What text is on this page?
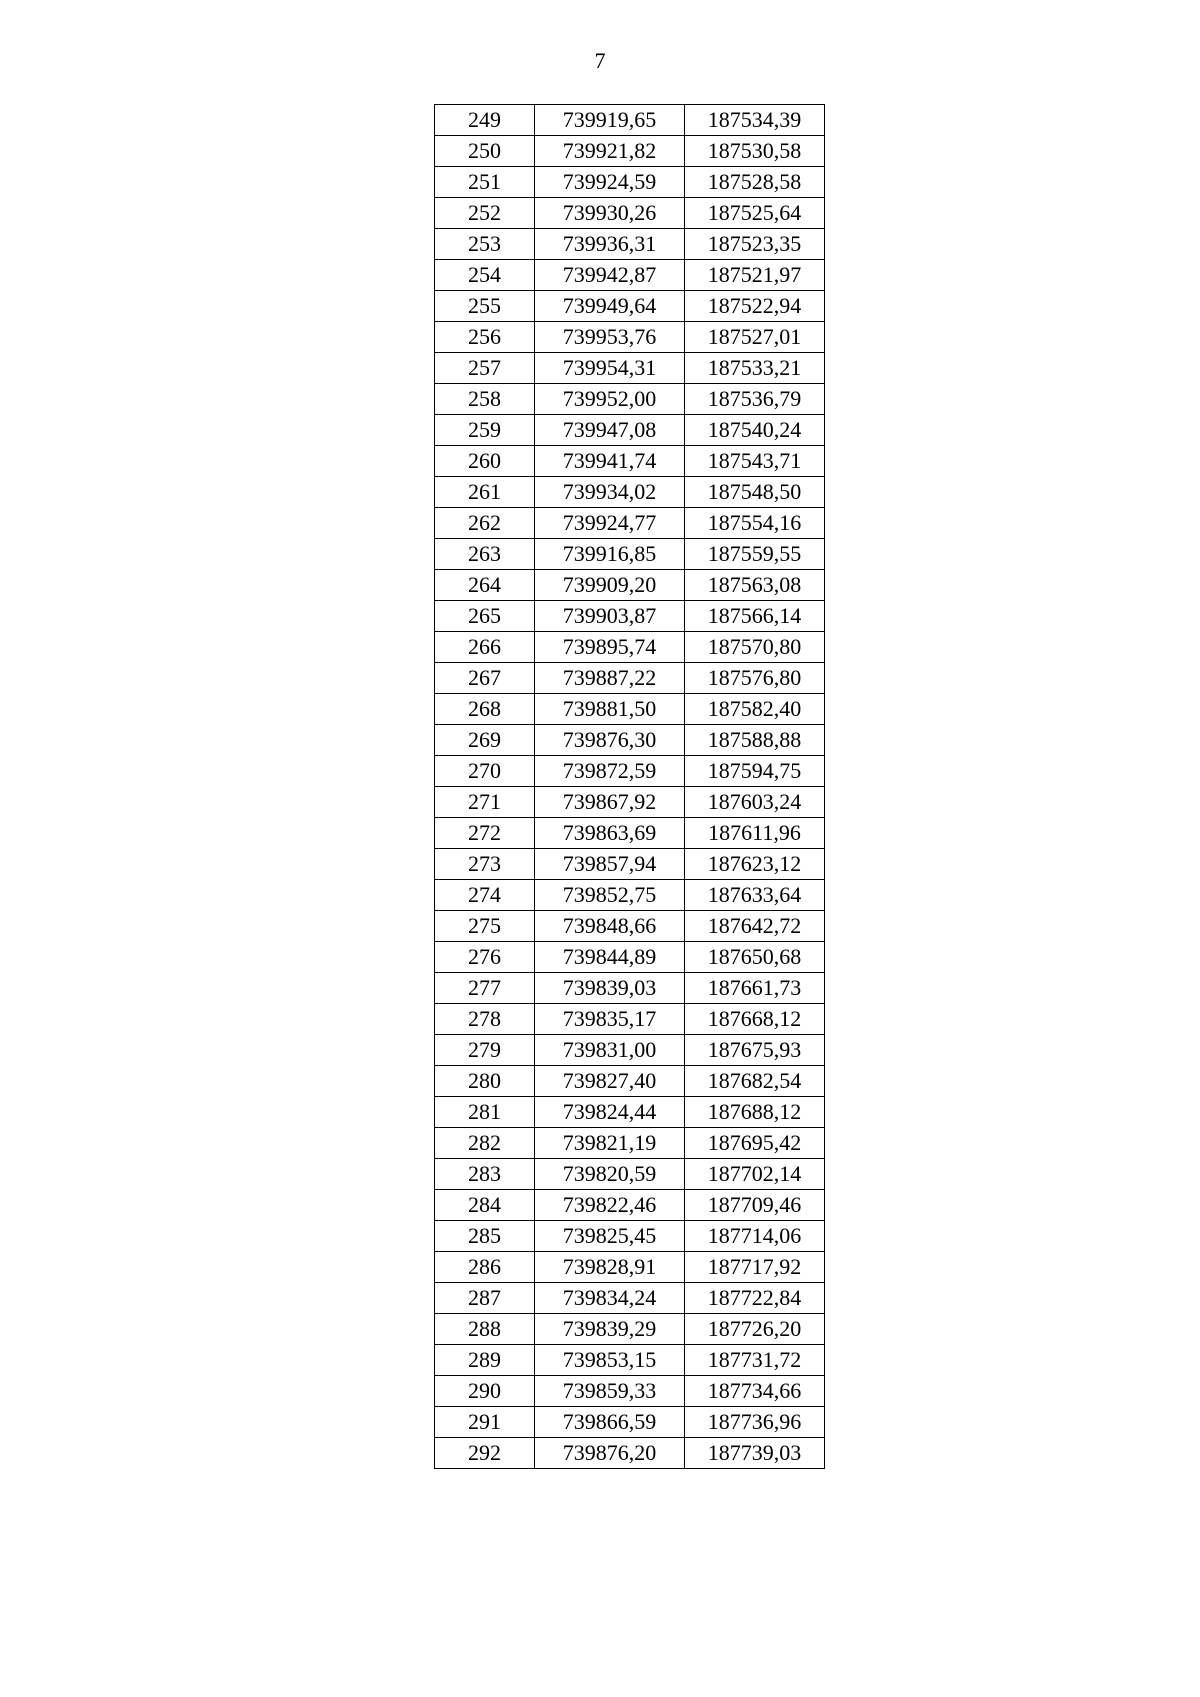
7
249	739919,65	187534,39
250	739921,82	187530,58
251	739924,59	187528,58
252	739930,26	187525,64
253	739936,31	187523,35
254	739942,87	187521,97
255	739949,64	187522,94
256	739953,76	187527,01
257	739954,31	187533,21
258	739952,00	187536,79
259	739947,08	187540,24
260	739941,74	187543,71
261	739934,02	187548,50
262	739924,77	187554,16
263	739916,85	187559,55
264	739909,20	187563,08
265	739903,87	187566,14
266	739895,74	187570,80
267	739887,22	187576,80
268	739881,50	187582,40
269	739876,30	187588,88
270	739872,59	187594,75
271	739867,92	187603,24
272	739863,69	187611,96
273	739857,94	187623,12
274	739852,75	187633,64
275	739848,66	187642,72
276	739844,89	187650,68
277	739839,03	187661,73
278	739835,17	187668,12
279	739831,00	187675,93
280	739827,40	187682,54
281	739824,44	187688,12
282	739821,19	187695,42
283	739820,59	187702,14
284	739822,46	187709,46
285	739825,45	187714,06
286	739828,91	187717,92
287	739834,24	187722,84
288	739839,29	187726,20
289	739853,15	187731,72
290	739859,33	187734,66
291	739866,59	187736,96
292	739876,20	187739,03
